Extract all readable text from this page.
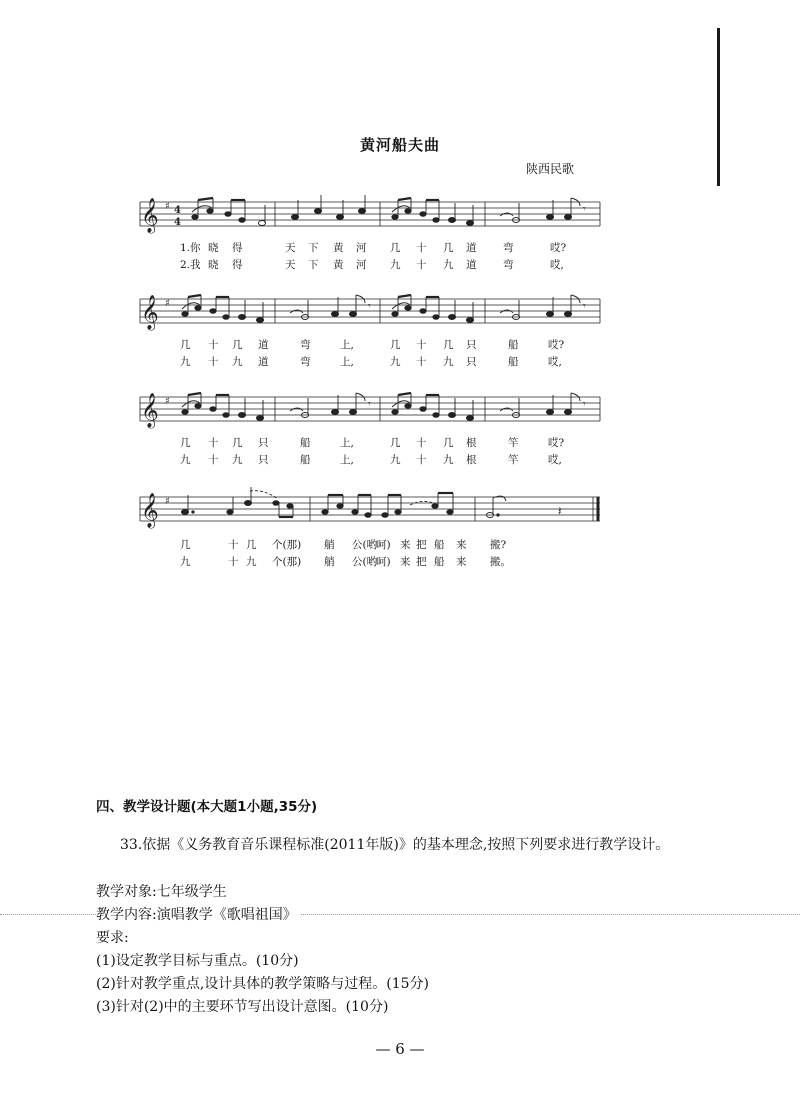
黄河船夫曲
陕西民歌
𝄞 ♯ 4
4
𝄾
1.你 晓 得	天 下 黄 河 几 十 几 道	弯	哎?
2.我 晓 得	天 下 黄 河 九 十 九 道	弯	哎,
𝄞 ♯	𝄾	𝄾
几 十 几 道	弯	上,	几 十 几 只	船	哎?
九 十 九 道	弯	上,	九 十 九 只	船	哎,
𝄞 ♯	𝄾	𝄾
几 十 几 只	船	上,	几 十 几 根	竿	哎?
九 十 九 只	船	上,	九 十 九 根	竿	哎,
𝄞 ♯
𝄽
几	十 几 个(那) 艄 公(哟
呵) 来 把 船 来 搬?
九	十 九 个(那) 艄 公(哟
呵) 来 把 船 来 搬。
四、教学设计题(本大题1小题,35分)
33.依据《义务教育音乐课程标准(2011年版)》的基本理念,按照下列要求进行教学设计。
教学对象:七年级学生
教学内容:演唱教学《歌唱祖国》
要求:
(1)设定教学目标与重点。(10分)
(2)针对教学重点,设计具体的教学策略与过程。(15分)
(3)针对(2)中的主要环节写出设计意图。(10分)
— 6 —
